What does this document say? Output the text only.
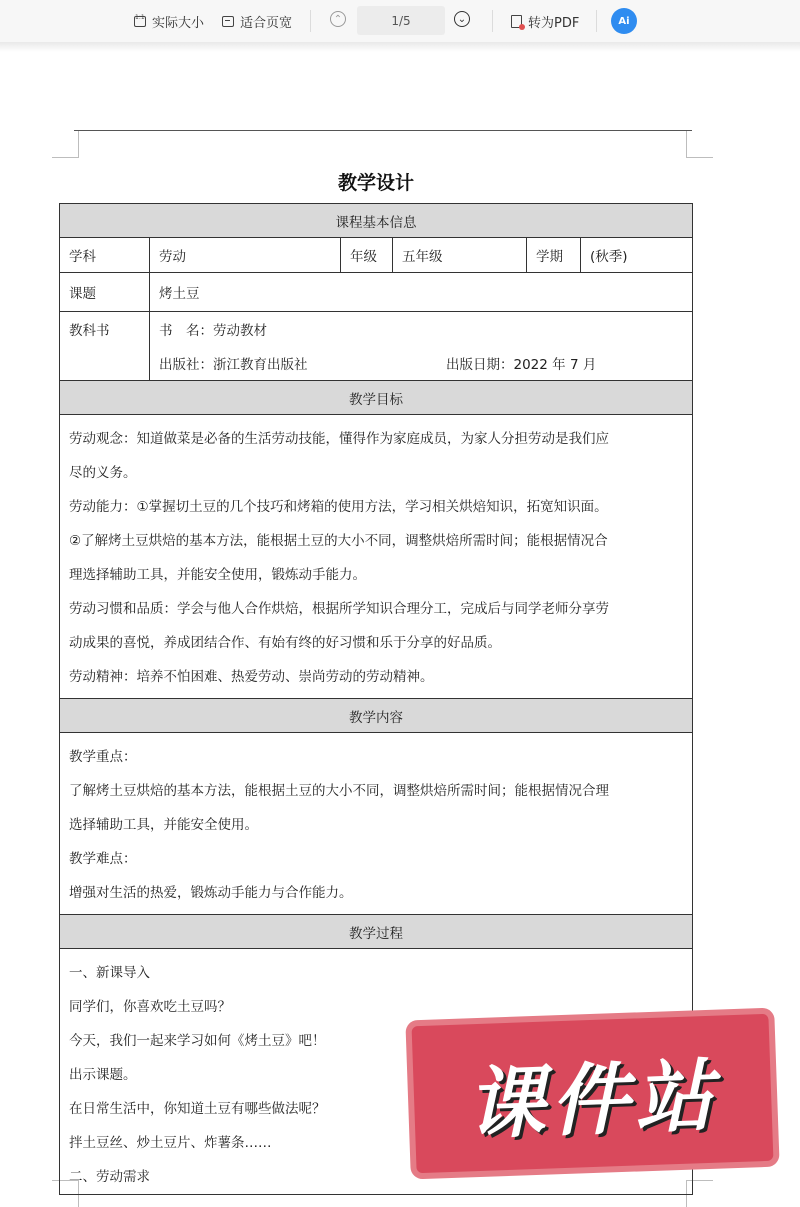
1:1
实际大小	适合页宽	⌃	1/5	⌄	转为PDF	Ai
教学设计
课程基本信息
学科	劳动	年级	五年级	学期	(秋季)
课题	烤土豆
教科书	书　名：劳动教材
出版社：浙江教育出版社	出版日期：2022 年 7 月
教学目标

劳动观念：知道做菜是必备的生活劳动技能，懂得作为家庭成员，为家人分担劳动是我们应

尽的义务。

劳动能力：①掌握切土豆的几个技巧和烤箱的使用方法，学习相关烘焙知识，拓宽知识面。

②了解烤土豆烘焙的基本方法，能根据土豆的大小不同，调整烘焙所需时间；能根据情况合

理选择辅助工具，并能安全使用，锻炼动手能力。

劳动习惯和品质：学会与他人合作烘焙，根据所学知识合理分工，完成后与同学老师分享劳

动成果的喜悦，养成团结合作、有始有终的好习惯和乐于分享的好品质。

劳动精神：培养不怕困难、热爱劳动、崇尚劳动的劳动精神。

教学内容

教学重点：

了解烤土豆烘焙的基本方法，能根据土豆的大小不同，调整烘焙所需时间；能根据情况合理

选择辅助工具，并能安全使用。

教学难点：

增强对生活的热爱，锻炼动手能力与合作能力。

教学过程

一、新课导入

同学们，你喜欢吃土豆吗？

今天，我们一起来学习如何《烤土豆》吧！

出示课题。

在日常生活中，你知道土豆有哪些做法呢？

拌土豆丝、炒土豆片、炸薯条……

二、劳动需求

课件站
